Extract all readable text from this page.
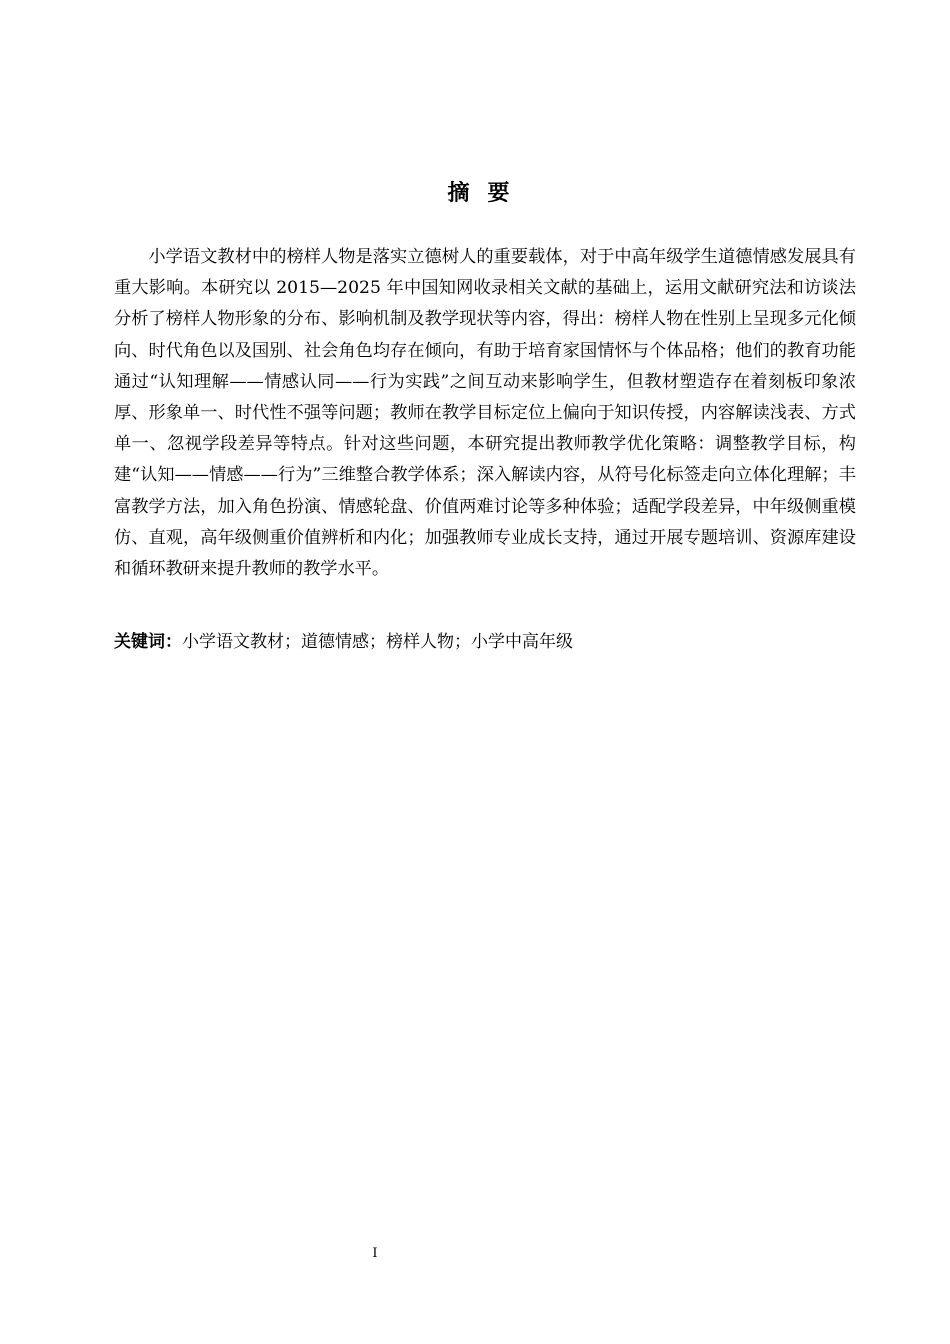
摘要

小学语文教材中的榜样人物是落实立德树人的重要载体，对于中高年级学生道德情感发展具有重大影响。本研究以 2015—2025 年中国知网收录相关文献的基础上，运用文献研究法和访谈法分析了榜样人物形象的分布、影响机制及教学现状等内容，得出：榜样人物在性别上呈现多元化倾向、时代角色以及国别、社会角色均存在倾向，有助于培育家国情怀与个体品格；他们的教育功能通过“认知理解——情感认同——行为实践”之间互动来影响学生，但教材塑造存在着刻板印象浓厚、形象单一、时代性不强等问题；教师在教学目标定位上偏向于知识传授，内容解读浅表、方式单一、忽视学段差异等特点。针对这些问题，本研究提出教师教学优化策略：调整教学目标，构建“认知——情感——行为”三维整合教学体系；深入解读内容，从符号化标签走向立体化理解；丰富教学方法，加入角色扮演、情感轮盘、价值两难讨论等多种体验；适配学段差异，中年级侧重模仿、直观，高年级侧重价值辨析和内化；加强教师专业成长支持，通过开展专题培训、资源库建设和循环教研来提升教师的教学水平。

关键词：小学语文教材；道德情感；榜样人物；小学中高年级

I
